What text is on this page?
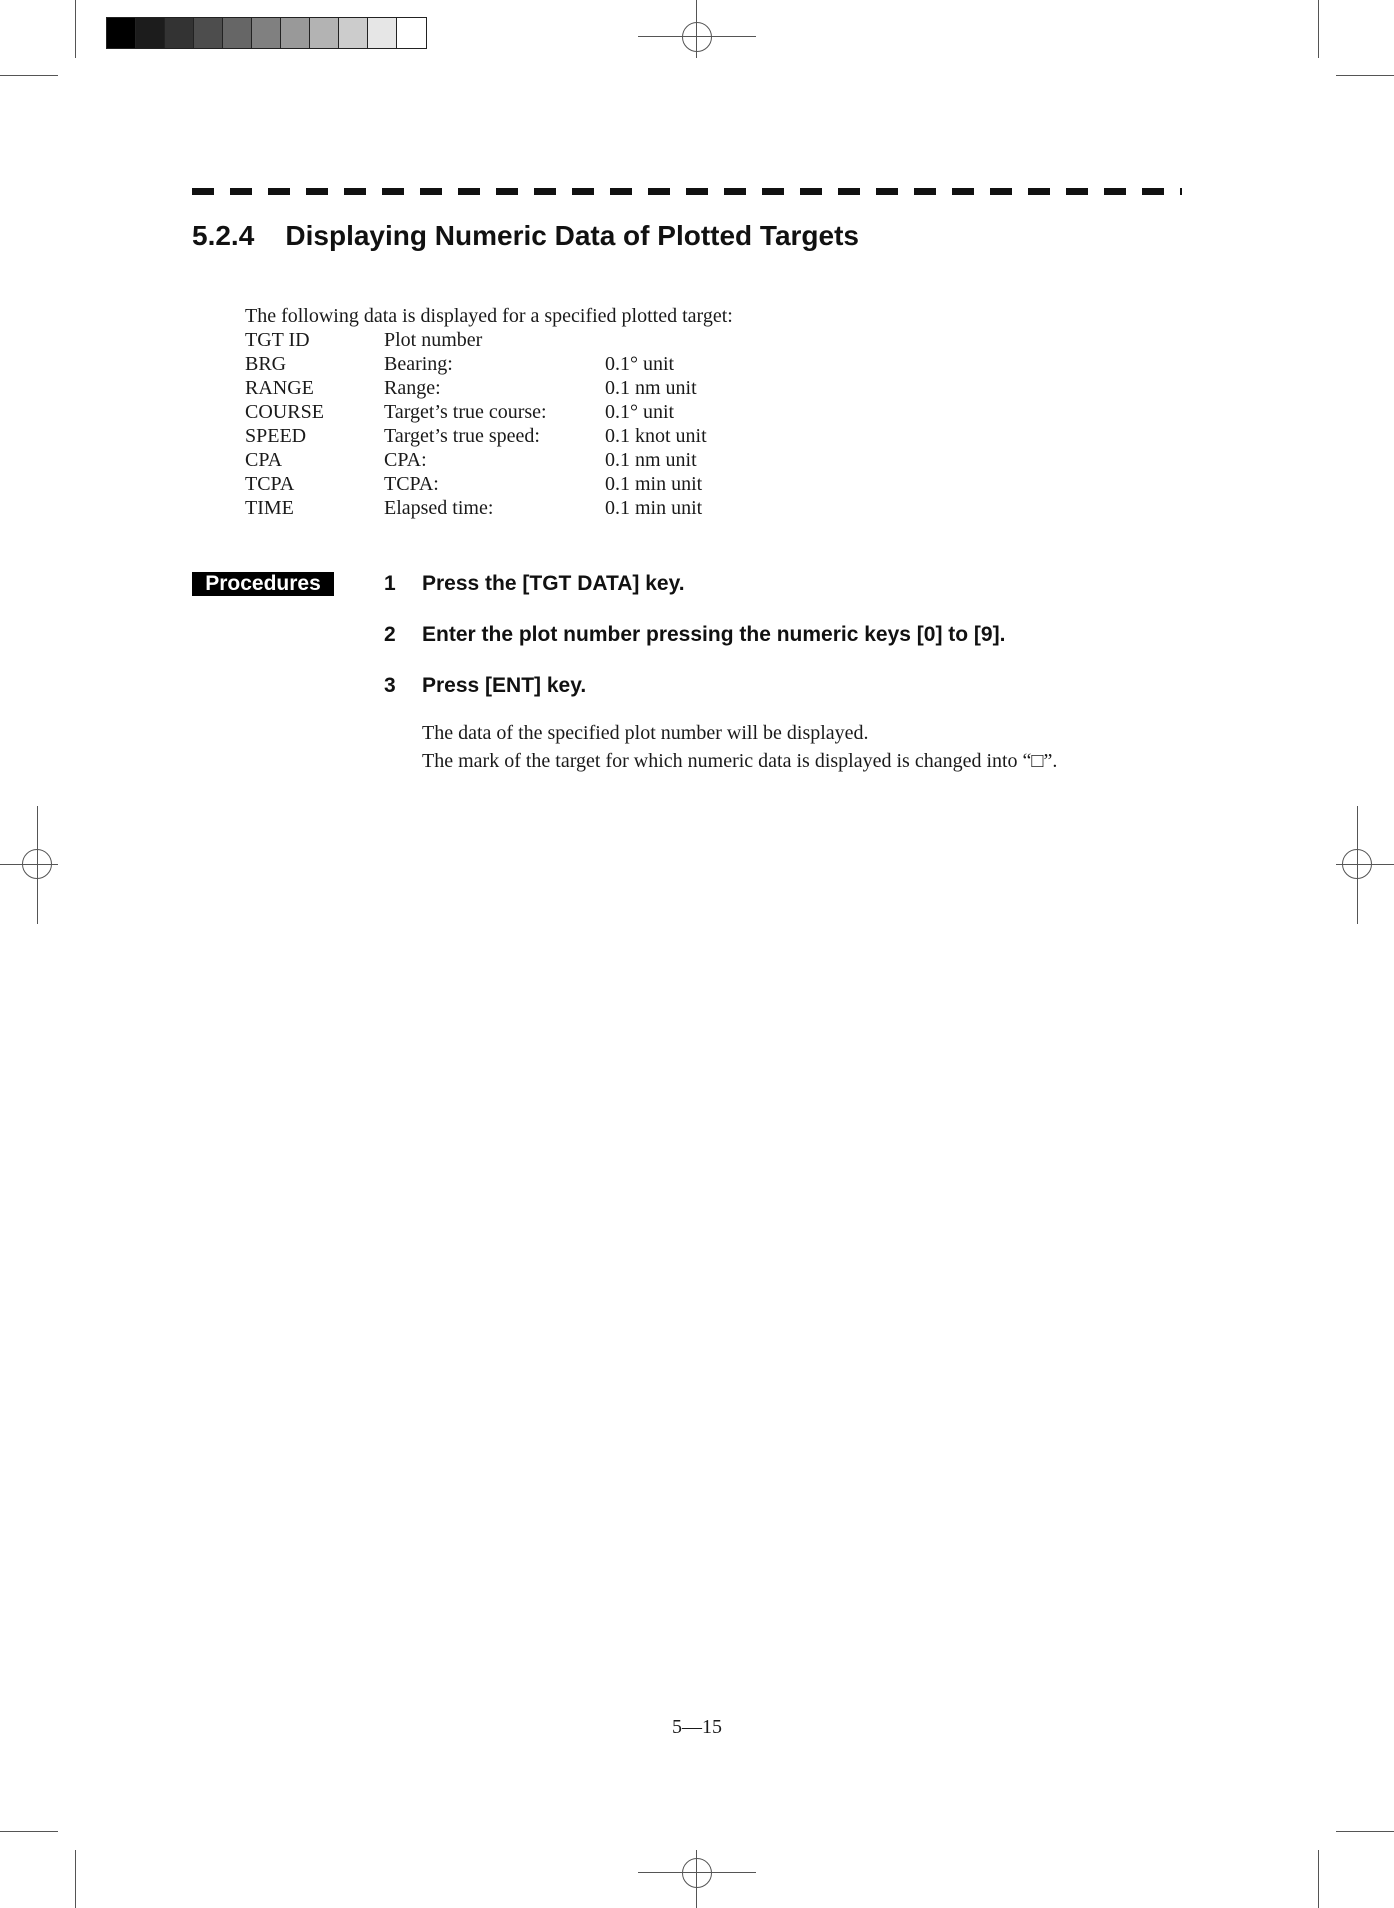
5.2.4 Displaying Numeric Data of Plotted Targets
The following data is displayed for a specified plotted target:
TGT ID	Plot number	
BRG	Bearing:	0.1° unit
RANGE	Range:	0.1 nm unit
COURSE	Target’s true course:	0.1° unit
SPEED	Target’s true speed:	0.1 knot unit
CPA	CPA:	0.1 nm unit
TCPA	TCPA:	0.1 min unit
TIME	Elapsed time:	0.1 min unit
Procedures	1	Press the [TGT DATA] key.
2	Enter the plot number pressing the numeric keys [0] to [9].
3	Press [ENT] key.
The data of the specified plot number will be displayed.
The mark of the target for which numeric data is displayed is changed into “□”.
5—15
